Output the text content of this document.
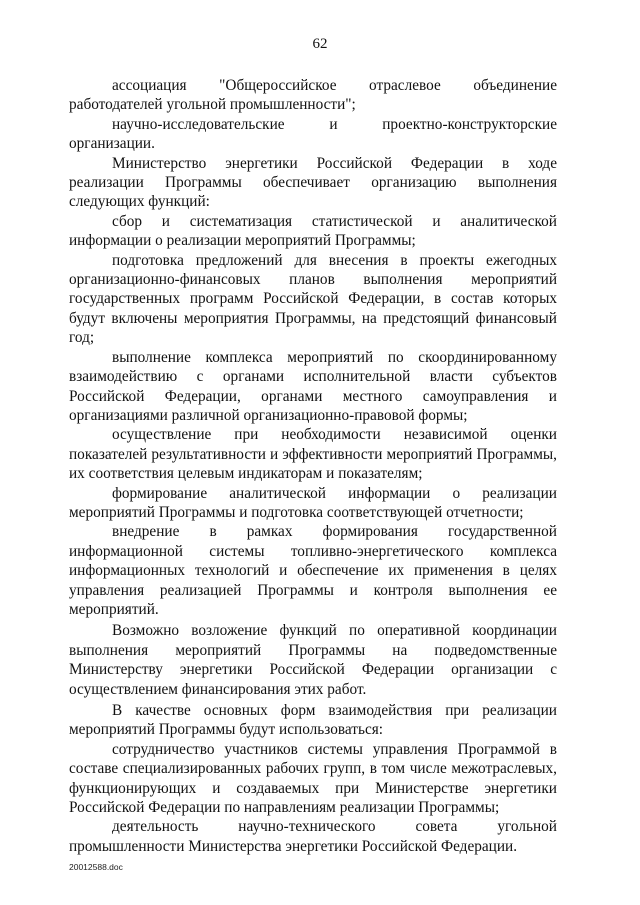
62

ассоциация "Общероссийское отраслевое объединение работодателей угольной промышленности";

научно-исследовательские и проектно-конструкторские организации.

Министерство энергетики Российской Федерации в ходе реализации Программы обеспечивает организацию выполнения следующих функций:

сбор и систематизация статистической и аналитической информации о реализации мероприятий Программы;

подготовка предложений для внесения в проекты ежегодных организационно-финансовых планов выполнения мероприятий государственных программ Российской Федерации, в состав которых будут включены мероприятия Программы, на предстоящий финансовый год;

выполнение комплекса мероприятий по скоординированному взаимодействию с органами исполнительной власти субъектов Российской Федерации, органами местного самоуправления и организациями различной организационно-правовой формы;

осуществление при необходимости независимой оценки показателей результативности и эффективности мероприятий Программы, их соответствия целевым индикаторам и показателям;

формирование аналитической информации о реализации мероприятий Программы и подготовка соответствующей отчетности;

внедрение в рамках формирования государственной информационной системы топливно-энергетического комплекса информационных технологий и обеспечение их применения в целях управления реализацией Программы и контроля выполнения ее мероприятий.

Возможно возложение функций по оперативной координации выполнения мероприятий Программы на подведомственные Министерству энергетики Российской Федерации организации с осуществлением финансирования этих работ.

В качестве основных форм взаимодействия при реализации мероприятий Программы будут использоваться:

сотрудничество участников системы управления Программой в составе специализированных рабочих групп, в том числе межотраслевых, функционирующих и создаваемых при Министерстве энергетики Российской Федерации по направлениям реализации Программы;

деятельность научно-технического совета угольной промышленности Министерства энергетики Российской Федерации.

20012588.doc
